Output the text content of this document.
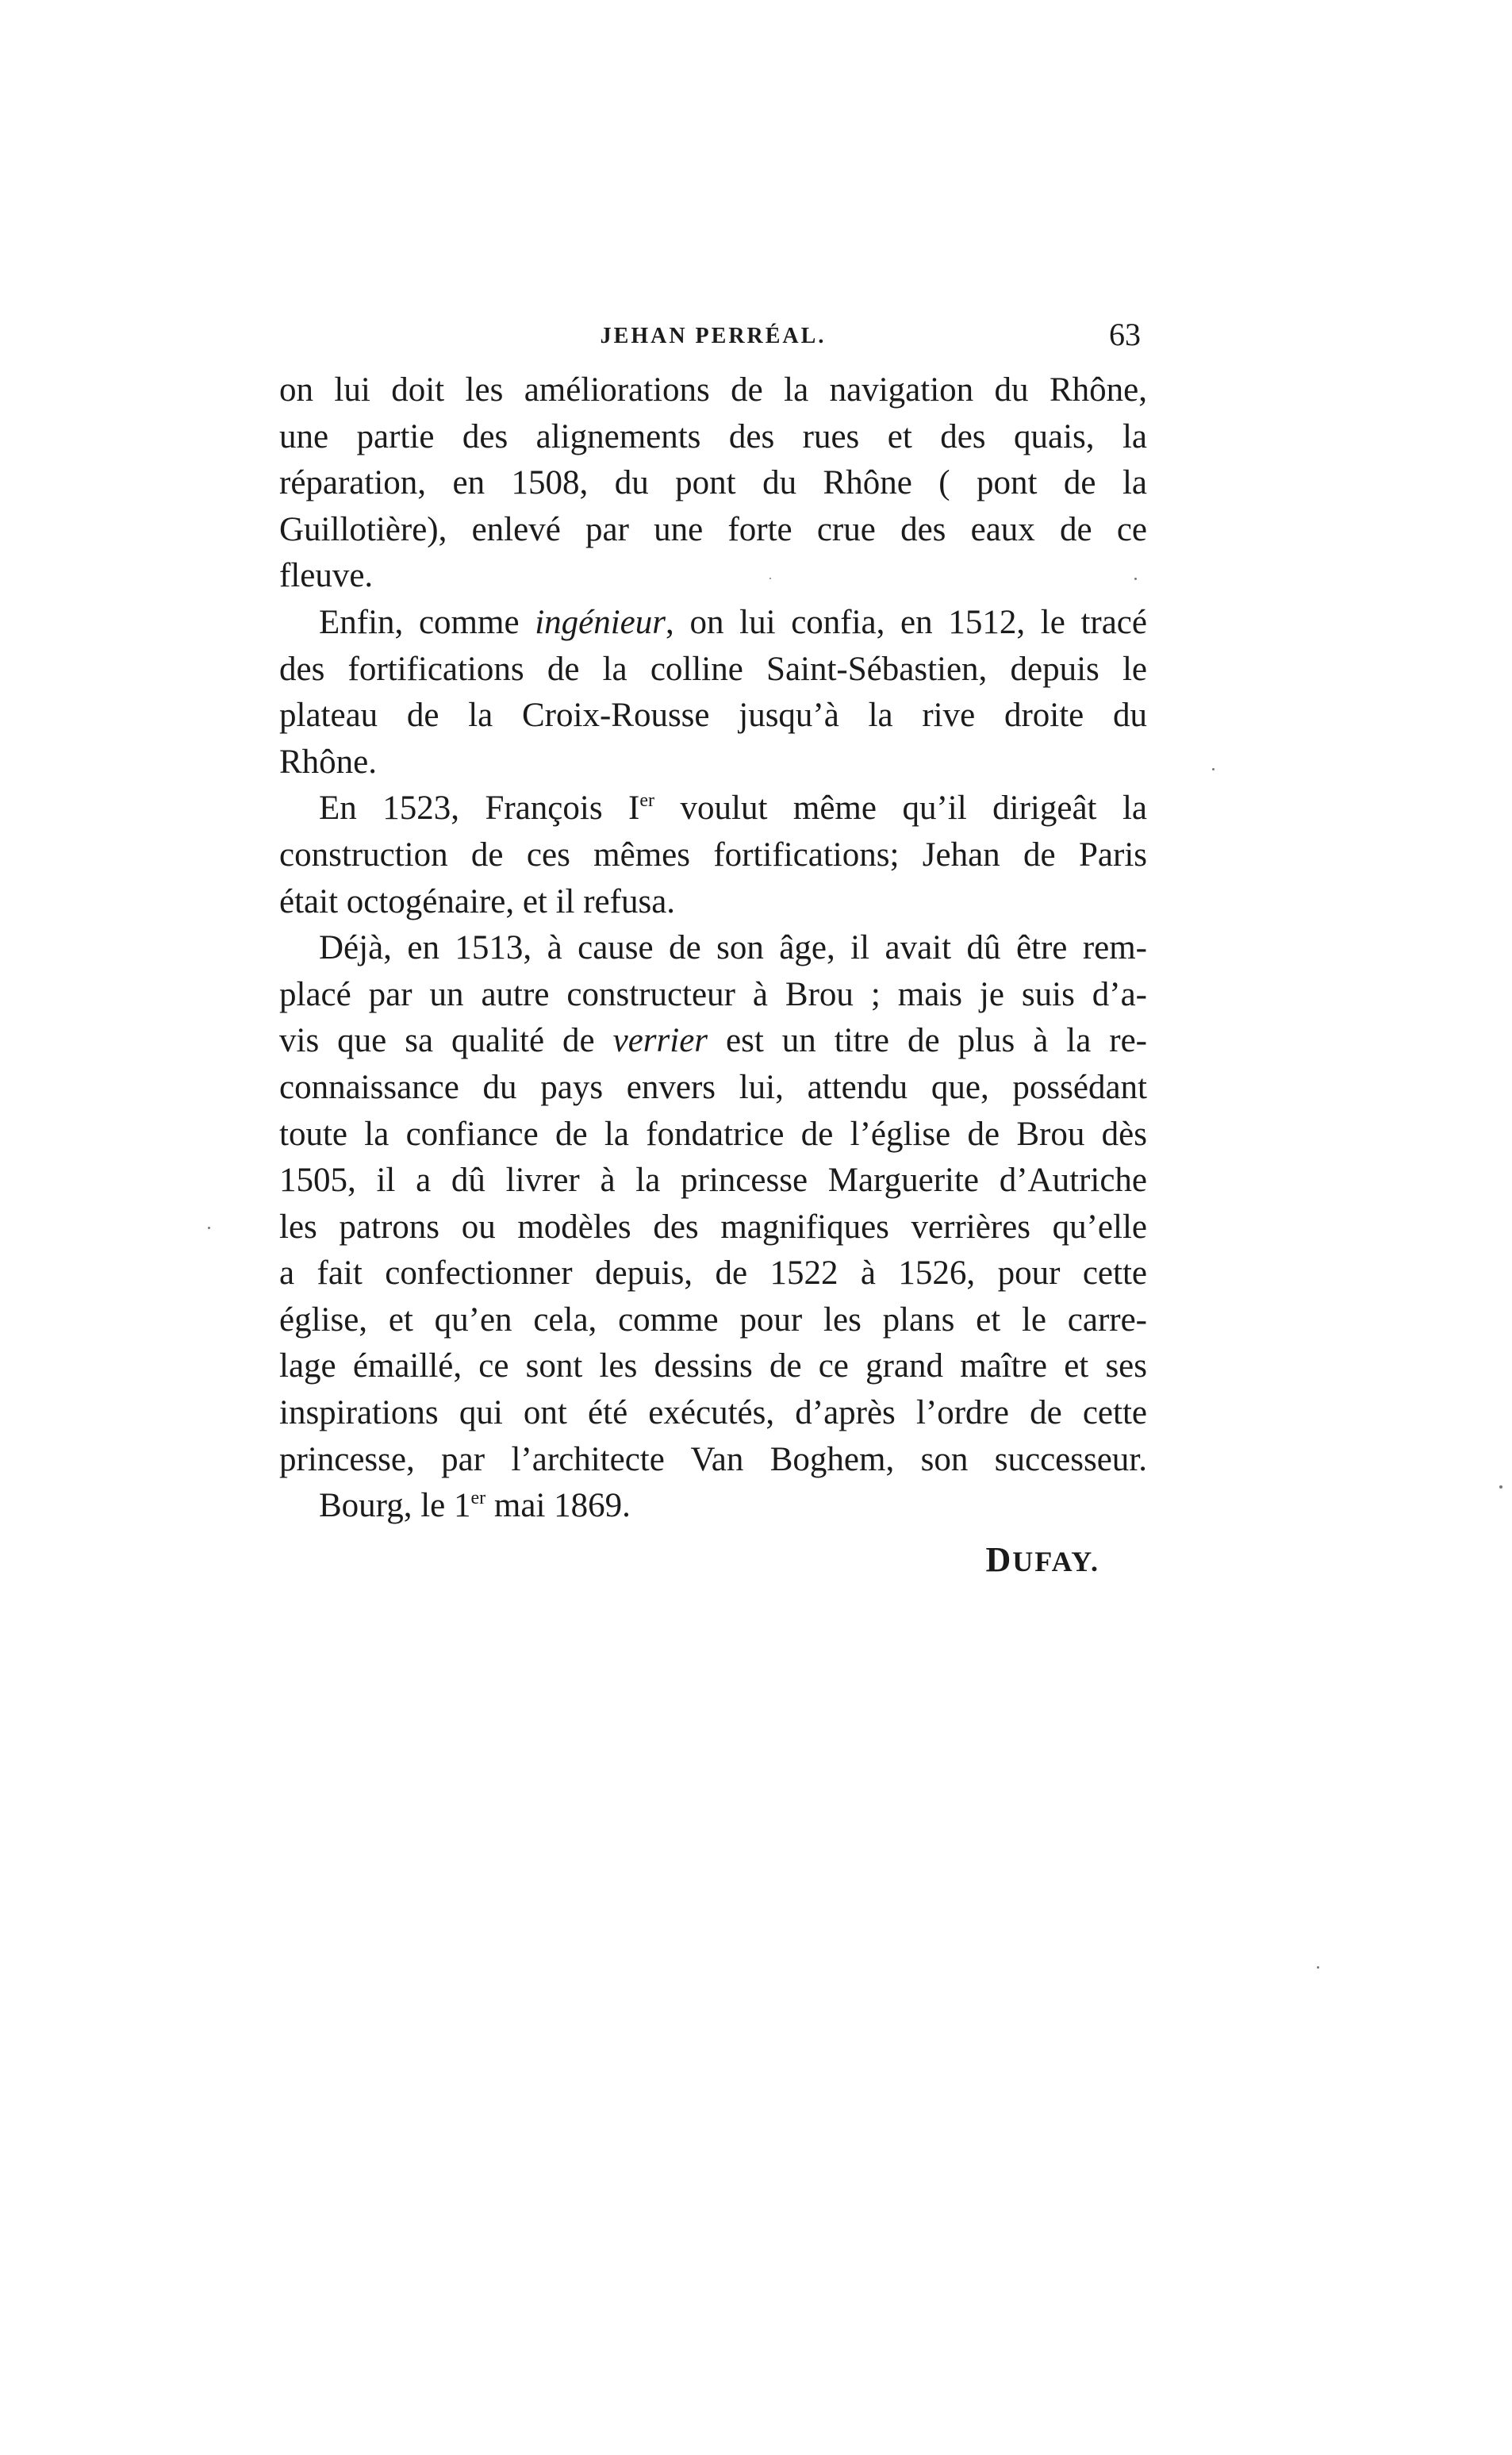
JEHAN PERRÉAL.	63
on lui doit les améliorations de la navigation du Rhône,
une partie des alignements des rues et des quais, la
réparation, en 1508, du pont du Rhône ( pont de la
Guillotière), enlevé par une forte crue des eaux de ce
fleuve.
Enfin, comme ingénieur, on lui confia, en 1512, le tracé
des fortifications de la colline Saint-Sébastien, depuis le
plateau de la Croix-Rousse jusqu’à la rive droite du
Rhône.
En 1523, François Ier voulut même qu’il dirigeât la
construction de ces mêmes fortifications; Jehan de Paris
était octogénaire, et il refusa.
Déjà, en 1513, à cause de son âge, il avait dû être rem-
placé par un autre constructeur à Brou ; mais je suis d’a-
vis que sa qualité de verrier est un titre de plus à la re-
connaissance du pays envers lui, attendu que, possédant
toute la confiance de la fondatrice de l’église de Brou dès
1505, il a dû livrer à la princesse Marguerite d’Autriche
les patrons ou modèles des magnifiques verrières qu’elle
a fait confectionner depuis, de 1522 à 1526, pour cette
église, et qu’en cela, comme pour les plans et le carre-
lage émaillé, ce sont les dessins de ce grand maître et ses
inspirations qui ont été exécutés, d’après l’ordre de cette
princesse, par l’architecte Van Boghem, son successeur.
Bourg, le 1er mai 1869.
DUFAY.
